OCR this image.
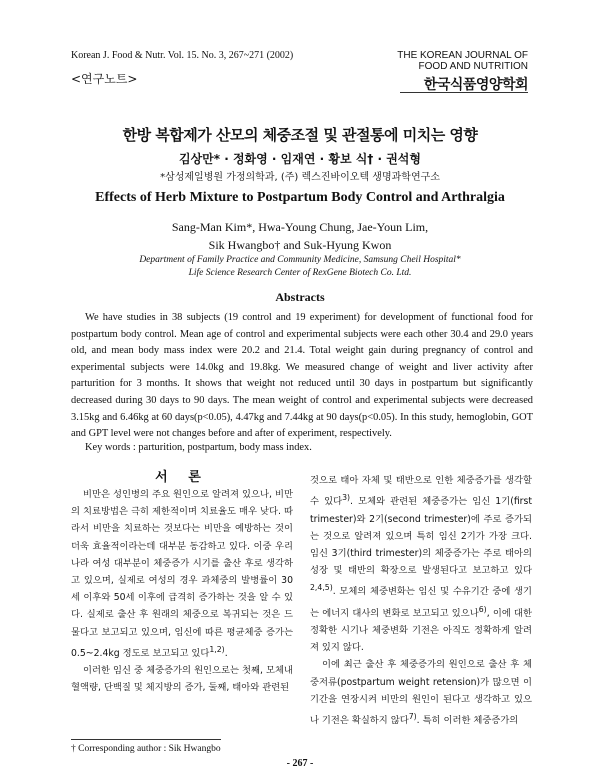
Korean J. Food & Nutr. Vol. 15. No. 3, 267~271 (2002)
<연구노트>
THE KOREAN JOURNAL OF
FOOD AND NUTRITION
한국식품영양학회
한방 복합제가 산모의 체중조절 및 관절통에 미치는 영향
김상만* · 정화영 · 임재연 · 황보 식† · 권석형
*삼성제일병원 가정의학과, (주) 렉스진바이오텍 생명과학연구소
Effects of Herb Mixture to Postpartum Body Control and Arthralgia
Sang-Man Kim*, Hwa-Young Chung, Jae-Youn Lim,
Sik Hwangbo† and Suk-Hyung Kwon
Department of Family Practice and Community Medicine, Samsung Cheil Hospital*
Life Science Research Center of RexGene Biotech Co. Ltd.
Abstracts

We have studies in 38 subjects (19 control and 19 experiment) for development of functional food for postpartum body control. Mean age of control and experimental subjects were each other 30.4 and 29.0 years old, and mean body mass index were 20.2 and 21.4. Total weight gain during pregnancy of control and experimental subjects were 14.0kg and 19.8kg. We measured change of weight and liver activity after parturition for 3 months. It shows that weight not reduced until 30 days in postpartum but significantly decreased during 30 days to 90 days. The mean weight of control and experimental subjects were decreased 3.15kg and 6.46kg at 60 days(p<0.05), 4.47kg and 7.44kg at 90 days(p<0.05). In this study, hemoglobin, GOT and GPT level were not changes before and after of experiment, respectively.

Key words : parturition, postpartum, body mass index.
서 론

비만은 성인병의 주요 원인으로 알려져 있으나, 비만의 치료방법은 극히 제한적이며 치료율도 매우 낮다. 따라서 비만을 치료하는 것보다는 비만을 예방하는 것이 더욱 효율적이라는데 대부분 동감하고 있다. 이중 우리나라 여성 대부분이 체중증가 시기를 출산 후로 생각하고 있으며, 실제로 여성의 경우 과체중의 발병률이 30세 이후와 50세 이후에 급격히 증가하는 것을 알 수 있다. 실제로 출산 후 원래의 체중으로 복귀되는 것은 드물다고 보고되고 있으며, 임신에 따른 평균체중 증가는 0.5~2.4kg 정도로 보고되고 있다$^{1,2)}$.

이러한 임신 중 체중증가의 원인으로는 첫째, 모체내 혈액량, 단백질 및 체지방의 증가, 둘째, 태아와 관련된

것으로 태아 자체 및 태반으로 인한 체중증가를 생각할 수 있다$^{3)}$. 모체와 관련된 체중증가는 임신 1기(first trimester)와 2기(second trimester)에 주로 증가되는 것으로 알려져 있으며 특히 임신 2기가 가장 크다. 임신 3기(third trimester)의 체중증가는 주로 태아의 성장 및 태반의 확장으로 발생된다고 보고하고 있다$^{2,4,5)}$. 모체의 체중변화는 임신 및 수유기간 중에 생기는 에너지 대사의 변화로 보고되고 있으나$^{6)}$, 이에 대한 정확한 시기나 체중변화 기전은 아직도 정확하게 알려져 있지 않다.

이에 최근 출산 후 체중증가의 원인으로 출산 후 체중저류(postpartum weight retension)가 많으면 이 기간을 연장시켜 비만의 원인이 된다고 생각하고 있으나 기전은 확실하지 않다$^{7)}$. 특히 이러한 체중증가의

† Corresponding author : Sik Hwangbo
- 267 -
